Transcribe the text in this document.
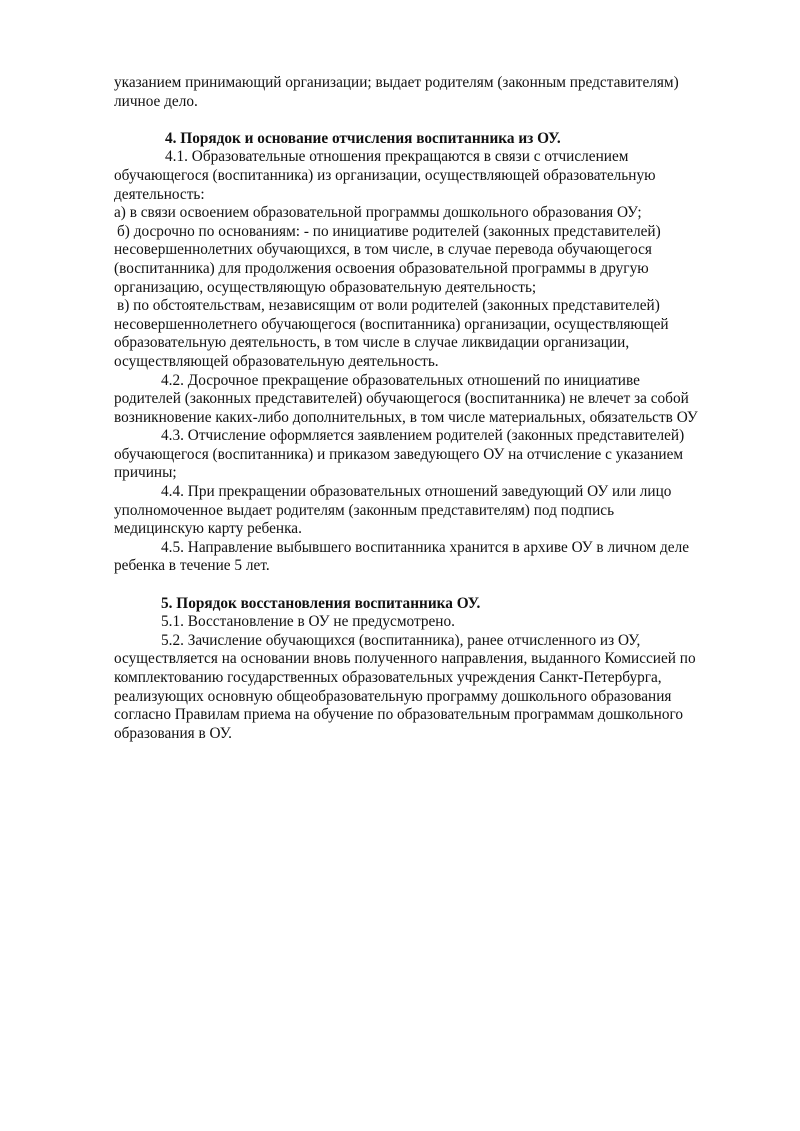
указанием принимающий организации; выдает родителям (законным представителям)
личное дело.
4. Порядок и основание отчисления воспитанника из ОУ.
4.1. Образовательные отношения прекращаются в связи с отчислением
обучающегося (воспитанника) из организации, осуществляющей образовательную
деятельность:
а) в связи освоением образовательной программы дошкольного образования ОУ;
б) досрочно по основаниям: - по инициативе родителей (законных представителей)
несовершеннолетних обучающихся, в том числе, в случае перевода обучающегося
(воспитанника) для продолжения освоения образовательной программы в другую
организацию, осуществляющую образовательную деятельность;
в) по обстоятельствам, независящим от воли родителей (законных представителей)
несовершеннолетнего обучающегося (воспитанника) организации, осуществляющей
образовательную деятельность, в том числе в случае ликвидации организации,
осуществляющей образовательную деятельность.
4.2. Досрочное прекращение образовательных отношений по инициативе
родителей (законных представителей) обучающегося (воспитанника) не влечет за собой
возникновение каких-либо дополнительных, в том числе материальных, обязательств ОУ
4.3. Отчисление оформляется заявлением родителей (законных представителей)
обучающегося (воспитанника) и приказом заведующего ОУ на отчисление с указанием
причины;
4.4. При прекращении образовательных отношений заведующий ОУ или лицо
уполномоченное выдает родителям (законным представителям) под подпись
медицинскую карту ребенка.
4.5. Направление выбывшего воспитанника хранится в архиве ОУ в личном деле
ребенка в течение 5 лет.
5. Порядок восстановления воспитанника ОУ.
5.1. Восстановление в ОУ не предусмотрено.
5.2. Зачисление обучающихся (воспитанника), ранее отчисленного из ОУ,
осуществляется на основании вновь полученного направления, выданного Комиссией по
комплектованию государственных образовательных учреждения Санкт-Петербурга,
реализующих основную общеобразовательную программу дошкольного образования
согласно Правилам приема на обучение по образовательным программам дошкольного
образования в ОУ.
